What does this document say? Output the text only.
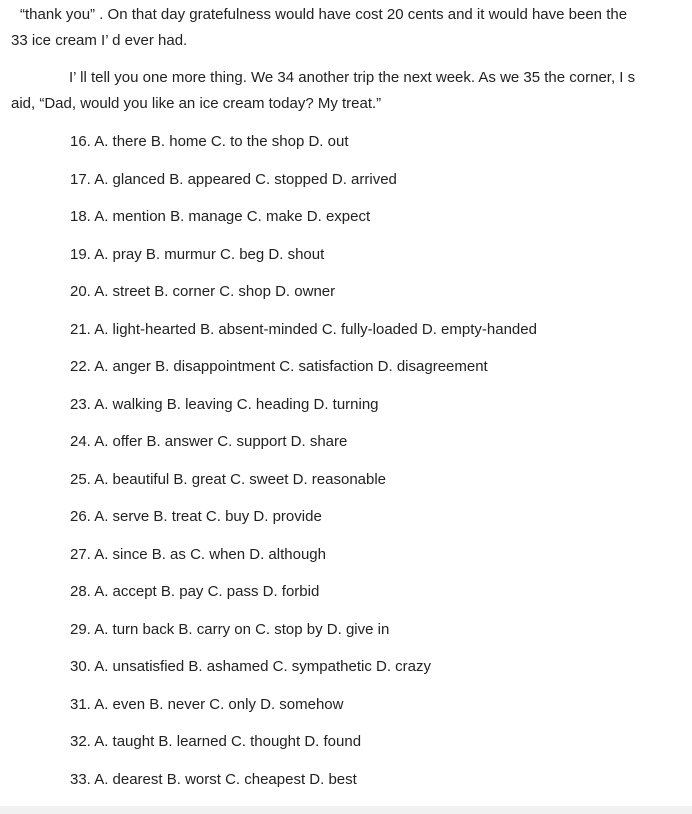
“thank you” . On that day gratefulness would have cost 20 cents and it would have been the
33 ice cream I’ d ever had.
I’ ll tell you one more thing. We 34 another trip the next week. As we 35 the corner, I s
aid, “Dad, would you like an ice cream today? My treat.”
16. A. there B. home C. to the shop D. out
17. A. glanced B. appeared C. stopped D. arrived
18. A. mention B. manage C. make D. expect
19. A. pray B. murmur C. beg D. shout
20. A. street B. corner C. shop D. owner
21. A. light-hearted B. absent-minded C. fully-loaded D. empty-handed
22. A. anger B. disappointment C. satisfaction D. disagreement
23. A. walking B. leaving C. heading D. turning
24. A. offer B. answer C. support D. share
25. A. beautiful B. great C. sweet D. reasonable
26. A. serve B. treat C. buy D. provide
27. A. since B. as C. when D. although
28. A. accept B. pay C. pass D. forbid
29. A. turn back B. carry on C. stop by D. give in
30. A. unsatisfied B. ashamed C. sympathetic D. crazy
31. A. even B. never C. only D. somehow
32. A. taught B. learned C. thought D. found
33. A. dearest B. worst C. cheapest D. best
